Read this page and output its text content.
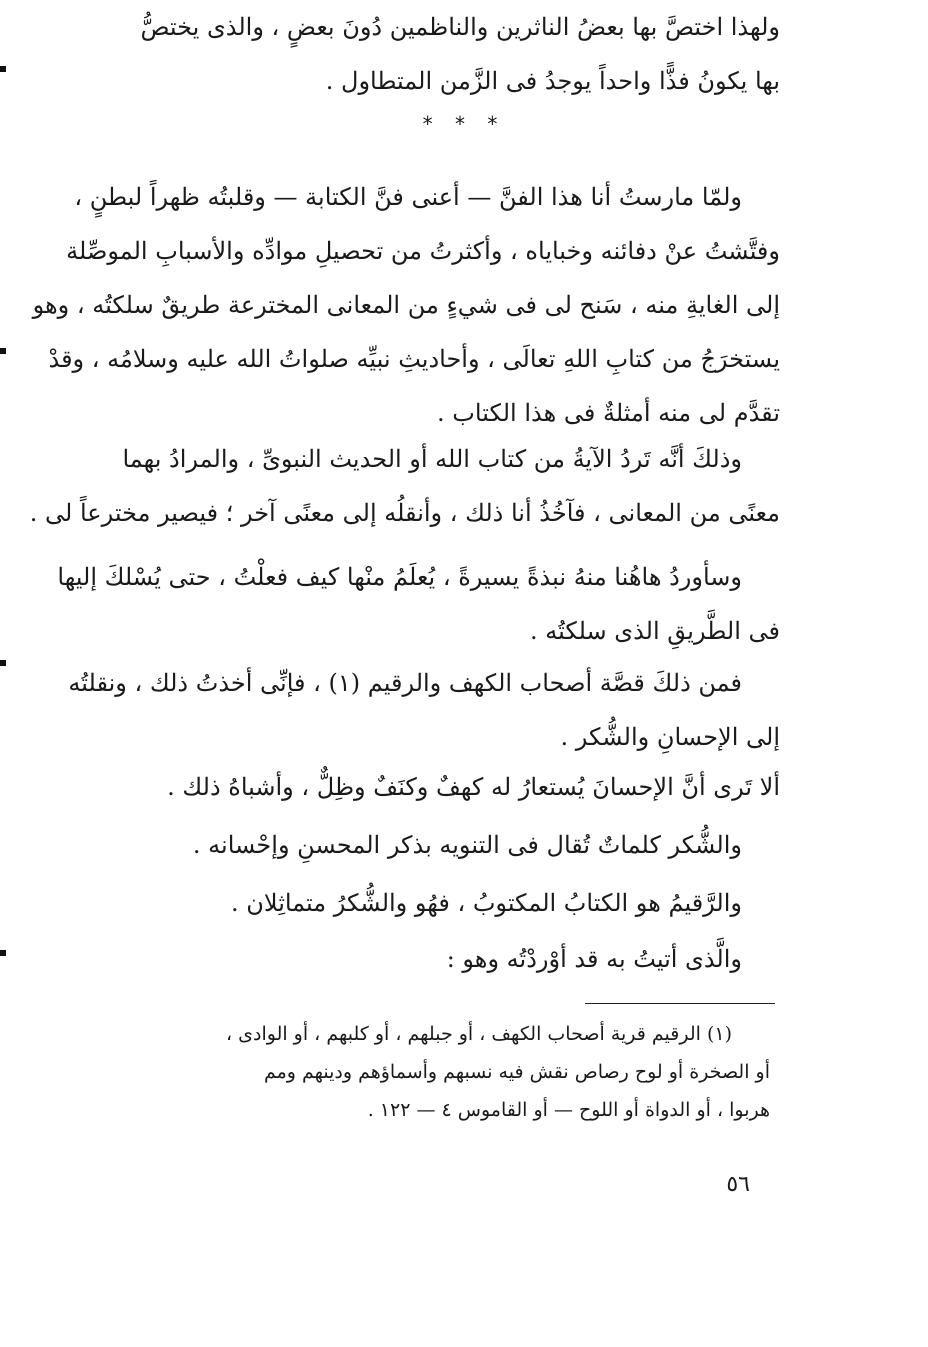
ولهذا اختصَّ بها بعضُ الناثرين والناظمين دُونَ بعضٍ ، والذى يختصُّ
بها يكونُ فذًّا واحداً يوجدُ فى الزَّمن المتطاول .
* * *
ولمّا مارستُ أنا هذا الفنَّ — أعنى فنَّ الكتابة — وقلبتُه ظهراً لبطنٍ ،
وفتَّشتُ عنْ دفائنه وخباياه ، وأكثرتُ من تحصيلِ موادِّه والأسبابِ الموصِّلة
إلى الغايةِ منه ، سَنح لى فى شيءٍ من المعانى المخترعة طريقٌ سلكتُه ، وهو
يستخرَجُ من كتابِ اللهِ تعالَى ، وأحاديثِ نبيِّه صلواتُ الله عليه وسلامُه ، وقدْ
تقدَّم لى منه أمثلةٌ فى هذا الكتاب .
وذلكَ أنَّه تَردُ الآيةُ من كتاب الله أو الحديث النبوىِّ ، والمرادُ بهما
معنًى من المعانى ، فآخُذُ أنا ذلك ، وأنقلُه إلى معنًى آخر ؛ فيصير مخترعاً لى .
وسأوردُ هاهُنا منهُ نبذةً يسيرةً ، يُعلَمُ منْها كيف فعلْتُ ، حتى يُسْلكَ إليها
فى الطَّريقِ الذى سلكتُه .
فمن ذلكَ قصَّة أصحاب الكهف والرقيم (١) ، فإنِّى أخذتُ ذلك ، ونقلتُه
إلى الإحسانِ والشُّكر .
ألا تَرى أنَّ الإحسانَ يُستعارُ له كهفٌ وكنَفٌ وظِلٌّ ، وأشباهُ ذلك .
والشُّكر كلماتٌ تُقال فى التنويه بذكر المحسنِ وإحْسانه .
والرَّقيمُ هو الكتابُ المكتوبُ ، فهُو والشُّكرُ متماثِلان .
والَّذى أتيتُ به قد أوْردْتُه وهو :
(١) الرقيم قرية أصحاب الكهف ، أو جبلهم ، أو كلبهم ، أو الوادى ،
أو الصخرة أو لوح رصاص نقش فيه نسبهم وأسماؤهم ودينهم ومم
هربوا ، أو الدواة أو اللوح — أو القاموس ٤ — ١٢٢ .
٥٦
